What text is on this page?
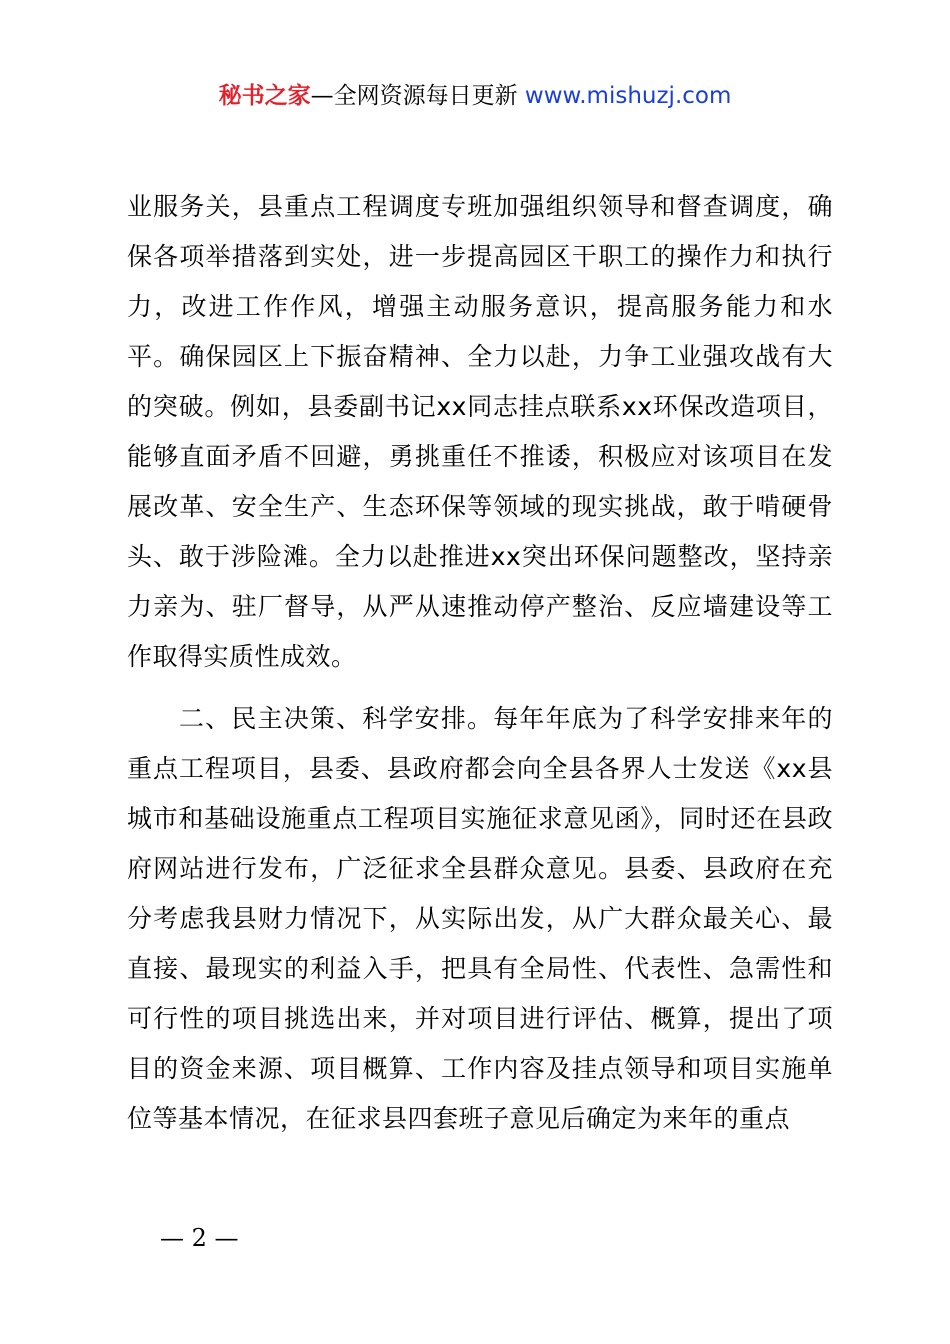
秘书之家—全网资源每日更新 www.mishuzj.com

业服务关，县重点工程调度专班加强组织领导和督查调度，确保各项举措落到实处，进一步提高园区干职工的操作力和执行力，改进工作作风，增强主动服务意识，提高服务能力和水平。确保园区上下振奋精神、全力以赴，力争工业强攻战有大的突破。例如，县委副书记xx同志挂点联系xx环保改造项目，能够直面矛盾不回避，勇挑重任不推诿，积极应对该项目在发展改革、安全生产、生态环保等领域的现实挑战，敢于啃硬骨头、敢于涉险滩。全力以赴推进xx突出环保问题整改，坚持亲力亲为、驻厂督导，从严从速推动停产整治、反应墙建设等工作取得实质性成效。

二、民主决策、科学安排。每年年底为了科学安排来年的重点工程项目，县委、县政府都会向全县各界人士发送《xx县城市和基础设施重点工程项目实施征求意见函》，同时还在县政府网站进行发布，广泛征求全县群众意见。县委、县政府在充分考虑我县财力情况下，从实际出发，从广大群众最关心、最直接、最现实的利益入手，把具有全局性、代表性、急需性和可行性的项目挑选出来，并对项目进行评估、概算，提出了项目的资金来源、项目概算、工作内容及挂点领导和项目实施单位等基本情况，在征求县四套班子意见后确定为来年的重点

— 2 —
